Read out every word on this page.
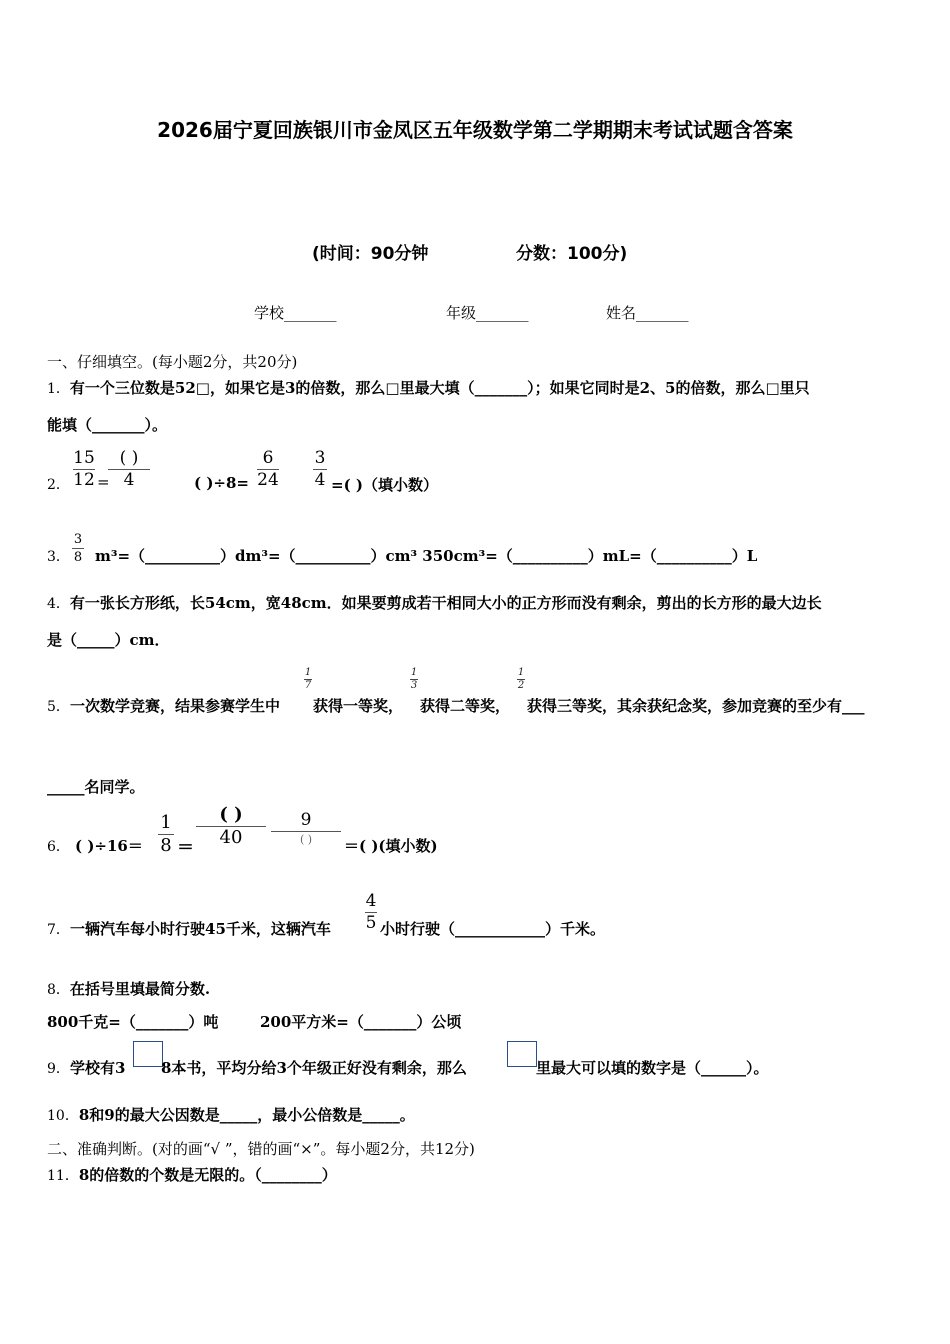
2026届宁夏回族银川市金凤区五年级数学第二学期期末考试试题含答案
(时间：90分钟	分数：100分)
学校_______	年级_______	姓名_______
一、仔细填空。(每小题2分，共20分)
1．有一个三位数是52□，如果它是3的倍数，那么□里最大填（_______）；如果它同时是2、5的倍数，那么□里只
能填（_______）。
2．
15
12 =
( )
4	( )÷8=
6
24
3
4 =( )（填小数）
3．
3
8 m³=（__________）dm³=（__________）cm³ 350cm³=（__________）mL=（__________）L
4．有一张长方形纸，长54cm，宽48cm．如果要剪成若干相同大小的正方形而没有剩余，剪出的长方形的最大边长
是（_____）cm．
5． 一次数学竞赛，结果参赛学生中
1
7
获得一等奖，
1
3
获得二等奖，
1
2
获得三等奖，其余获纪念奖，参加竞赛的至少有___
_____名同学。
6． ( )÷16＝
1
8 ＝
( )
40
9
( )	＝( )(填小数)
7． 一辆汽车每小时行驶45千米，这辆汽车
4
5 小时行驶（____________）千米。
8．在括号里填最简分数.
800千克=（_______）吨	200平方米=（_______）公顷
9． 学校有3 8本书，平均分给3个年级正好没有剩余，那么	里最大可以填的数字是（______）。
10．8和9的最大公因数是_____，最小公倍数是_____。
二、准确判断。(对的画“√ ”，错的画“×”。每小题2分，共12分)
11．8的倍数的个数是无限的。（________）
